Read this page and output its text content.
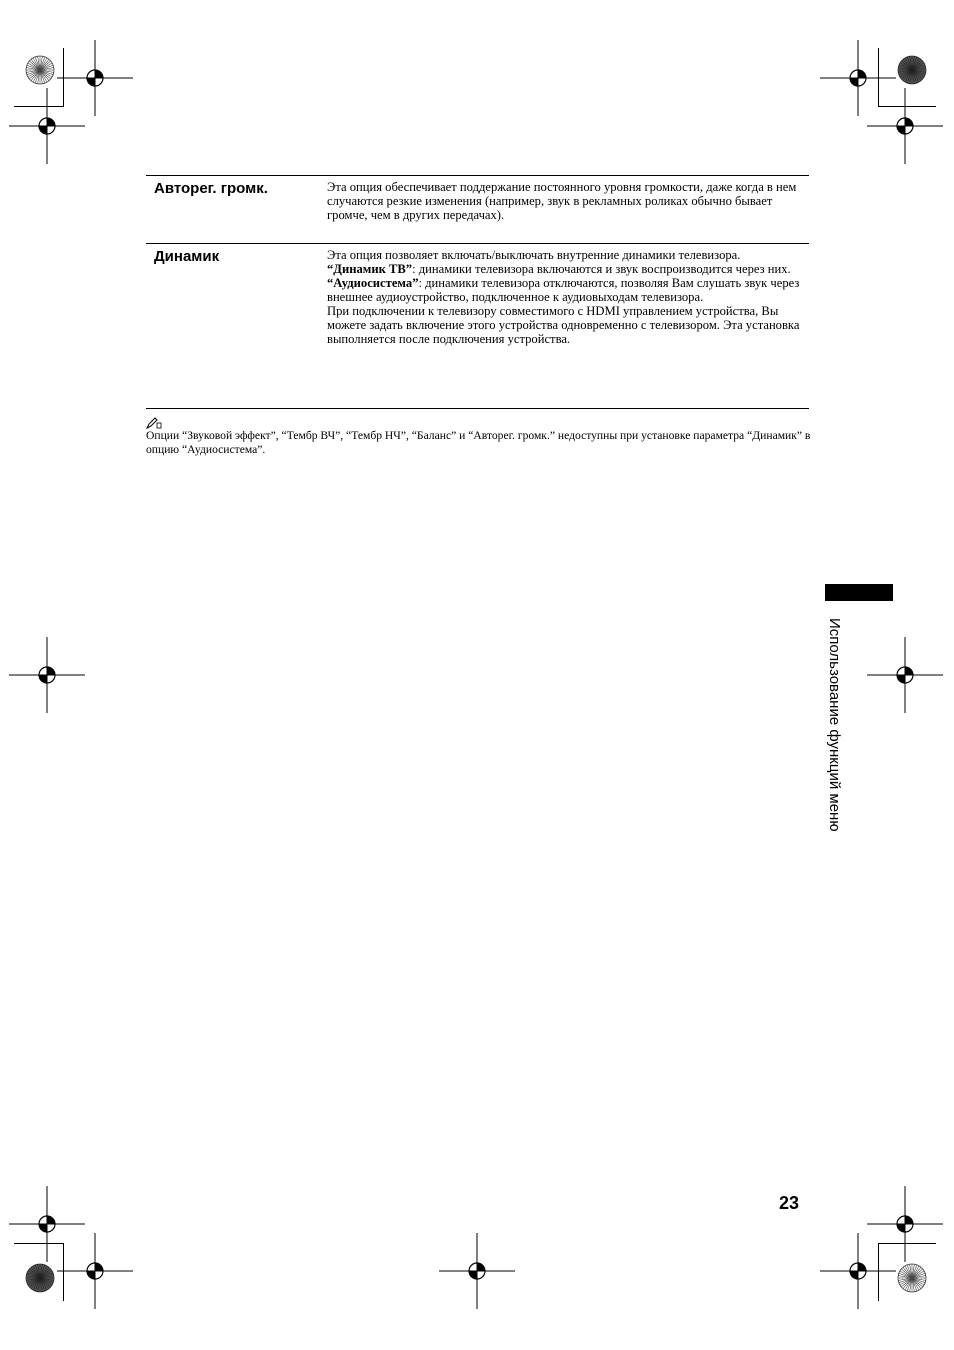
Авторег. громк.	Эта опция обеспечивает поддержание постоянного уровня громкости, даже когда в нем случаются резкие изменения (например, звук в рекламных роликах обычно бывает громче, чем в других передачах).

Динамик	Эта опция позволяет включать/выключать внутренние динамики телевизора.

“Динамик ТВ”: динамики телевизора включаются и звук воспроизводится через них.

“Аудиосистема”: динамики телевизора отключаются, позволяя Вам слушать звук через внешнее аудиоустройство, подключенное к аудиовыходам телевизора.

При подключении к телевизору совместимого с HDMI управлением устройства, Вы можете задать включение этого устройства одновременно с телевизором. Эта установка выполняется после подключения устройства.

Опции “Звуковой эффект”, “Тембр ВЧ”, “Тембр НЧ”, “Баланс” и “Авторег. громк.” недоступны при установке параметра “Динамик” в опцию “Аудиосистема”.
Использование функций меню
23
